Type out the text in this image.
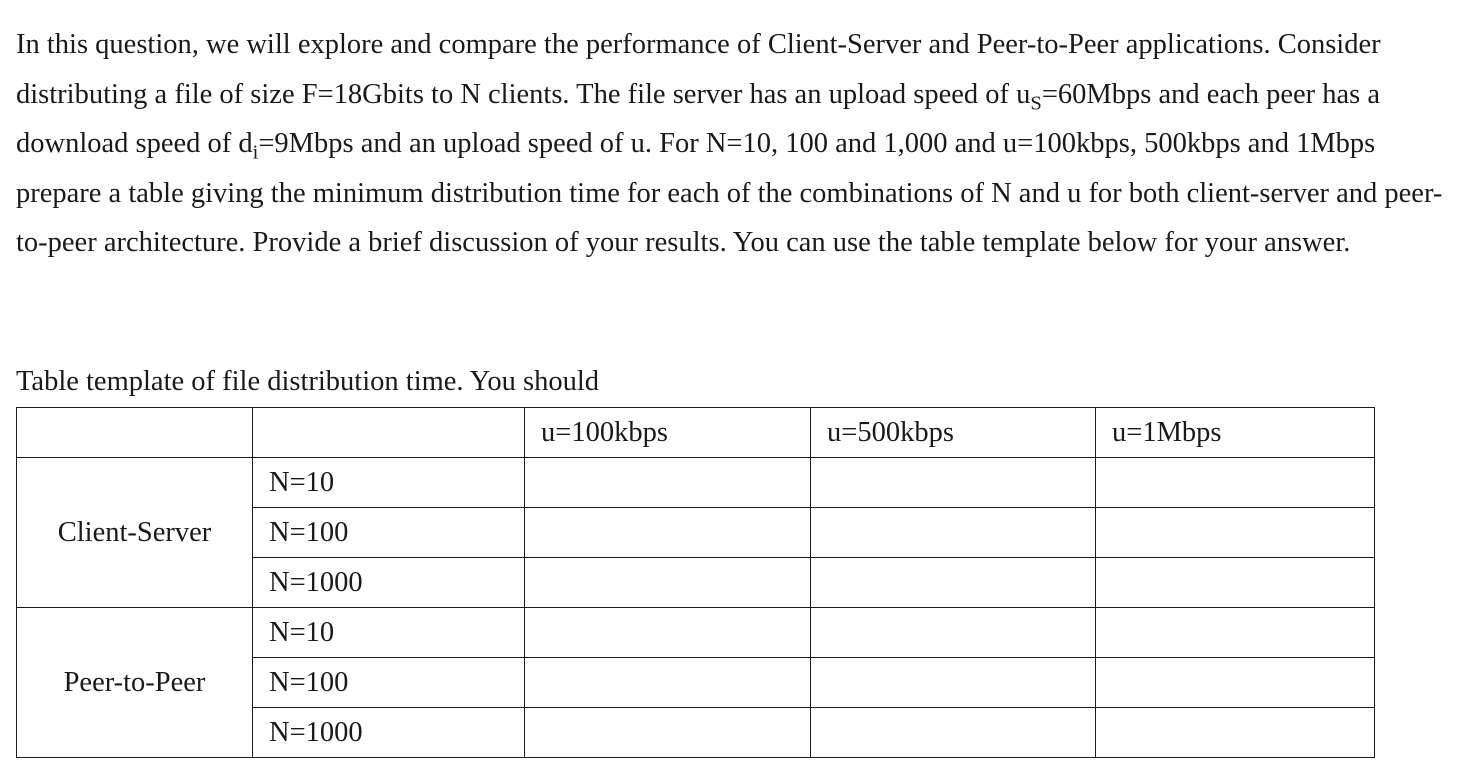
In this question, we will explore and compare the performance of Client-Server and Peer-to-Peer applications. Consider distributing a file of size F=18Gbits to N clients. The file server has an upload speed of $u_S=60Mbps$ and each peer has a download speed of $d_i=9Mbps$ and an upload speed of u. For N=10, 100 and 1,000 and u=100kbps, 500kbps and 1Mbps prepare a table giving the minimum distribution time for each of the combinations of N and u for both client-server and peer-to-peer architecture. Provide a brief discussion of your results. You can use the table template below for your answer.

Table template of file distribution time. You should

		u=100kbps	u=500kbps	u=1Mbps
Client-Server	N=10			
	N=100			
	N=1000			
Peer-to-Peer	N=10			
	N=100			
	N=1000			
